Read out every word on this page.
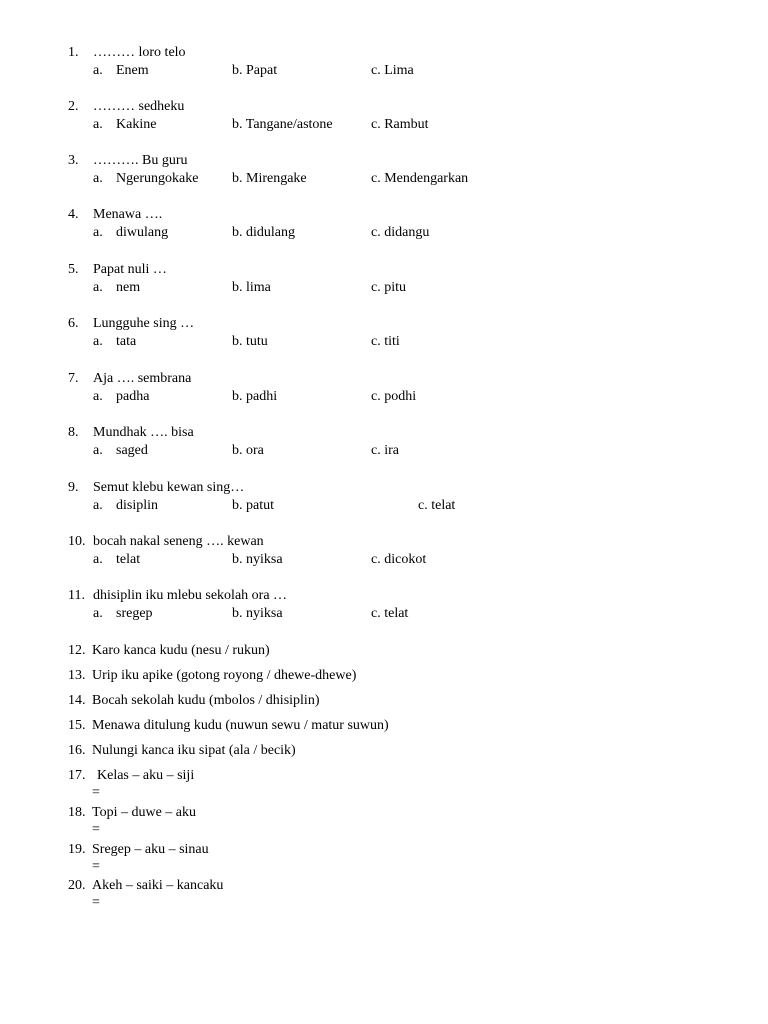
1. ……… loro telo
a. Enem	b. Papat	c. Lima
2. ……… sedheku
a. Kakine	b. Tangane/astone	c. Rambut
3. ………. Bu guru
a. Ngerungokake b. Mirengake	c. Mendengarkan
4. Menawa ….
a. diwulang	b. didulang	c. didangu
5. Papat nuli …
a. nem	b. lima	c. pitu
6. Lungguhe sing …
a. tata	b. tutu	c. titi
7. Aja …. sembrana
a. padha	b. padhi	c. podhi
8. Mundhak …. bisa
a. saged	b. ora	c. ira
9. Semut klebu kewan sing…
a. disiplin	b. patut	c. telat
10. bocah nakal seneng …. kewan
a. telat	b. nyiksa	c. dicokot
11. dhisiplin iku mlebu sekolah ora …
a. sregep	b. nyiksa	c. telat
12. Karo kanca kudu (nesu / rukun)
13. Urip iku apike (gotong royong / dhewe-dhewe)
14. Bocah sekolah kudu (mbolos / dhisiplin)
15. Menawa ditulung kudu (nuwun sewu / matur suwun)
16. Nulungi kanca iku sipat (ala / becik)
17. Kelas – aku – siji
=
18. Topi – duwe – aku
=
19. Sregep – aku – sinau
=
20. Akeh – saiki – kancaku
=
